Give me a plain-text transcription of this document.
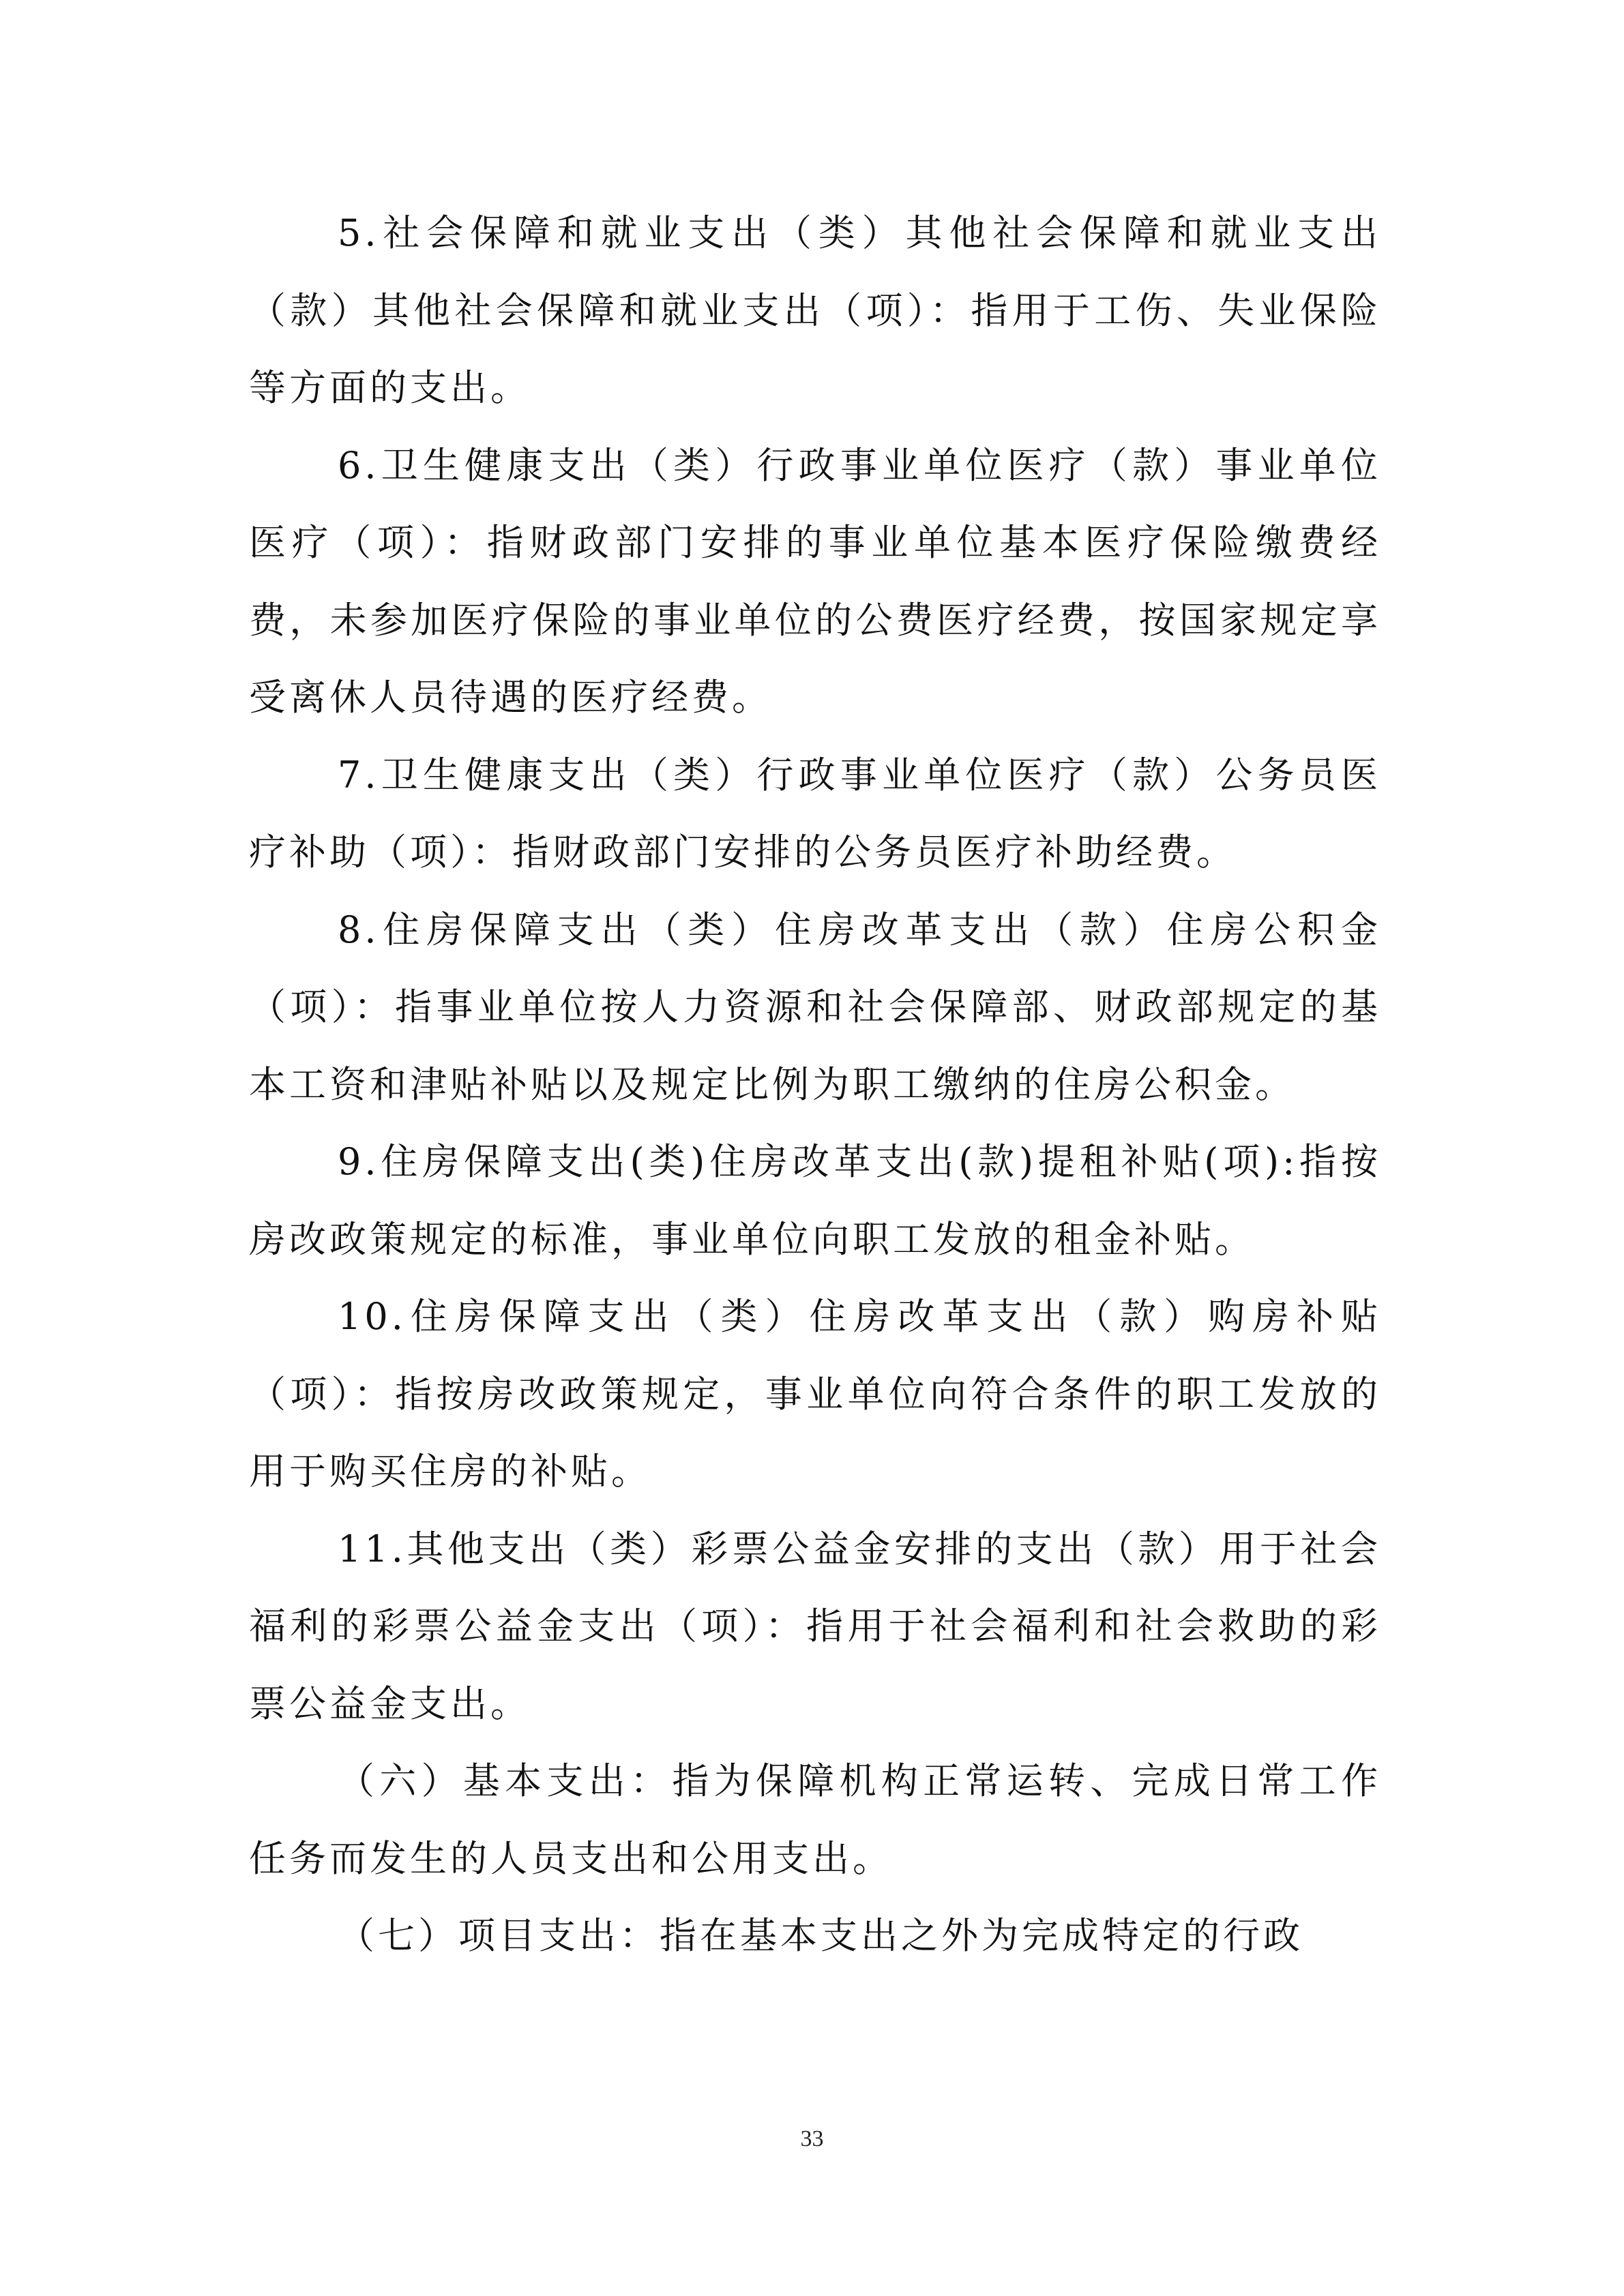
5.社会保障和就业支出（类）其他社会保障和就业支出（款）其他社会保障和就业支出（项）：指用于工伤、失业保险等方面的支出。

6.卫生健康支出（类）行政事业单位医疗（款）事业单位医疗（项）：指财政部门安排的事业单位基本医疗保险缴费经费，未参加医疗保险的事业单位的公费医疗经费，按国家规定享受离休人员待遇的医疗经费。

7.卫生健康支出（类）行政事业单位医疗（款）公务员医疗补助（项）：指财政部门安排的公务员医疗补助经费。

8.住房保障支出（类）住房改革支出（款）住房公积金（项）：指事业单位按人力资源和社会保障部、财政部规定的基本工资和津贴补贴以及规定比例为职工缴纳的住房公积金。

9.住房保障支出(类)住房改革支出(款)提租补贴(项):指按房改政策规定的标准，事业单位向职工发放的租金补贴。

10.住房保障支出（类）住房改革支出（款）购房补贴（项）：指按房改政策规定，事业单位向符合条件的职工发放的用于购买住房的补贴。

11.其他支出（类）彩票公益金安排的支出（款）用于社会福利的彩票公益金支出（项）：指用于社会福利和社会救助的彩票公益金支出。

（六）基本支出：指为保障机构正常运转、完成日常工作任务而发生的人员支出和公用支出。

（七）项目支出：指在基本支出之外为完成特定的行政

33
